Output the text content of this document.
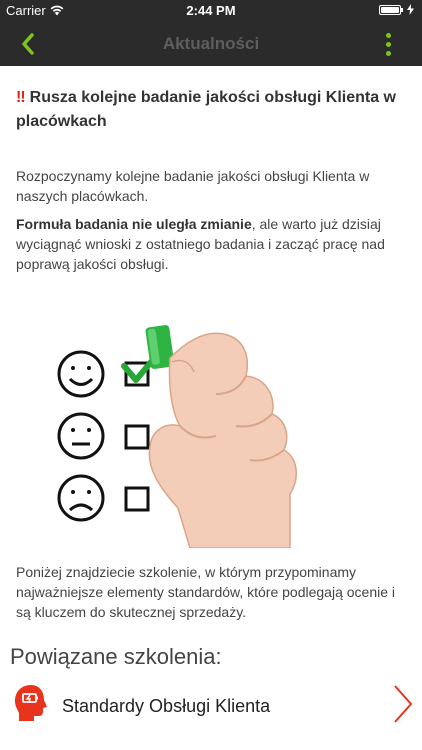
Carrier	2:44 PM
Aktualności
‼ Rusza kolejne badanie jakości obsługi Klienta w placówkach
Rozpoczynamy kolejne badanie jakości obsługi Klienta w naszych placówkach.
Formuła badania nie uległa zmianie, ale warto już dzisiaj wyciągnąć wnioski z ostatniego badania i zacząć pracę nad poprawą jakości obsługi.
Poniżej znajdziecie szkolenie, w którym przypominamy najważniejsze elementy standardów, które podlegają ocenie i są kluczem do skutecznej sprzedaży.
Powiązane szkolenia:
Standardy Obsługi Klienta
